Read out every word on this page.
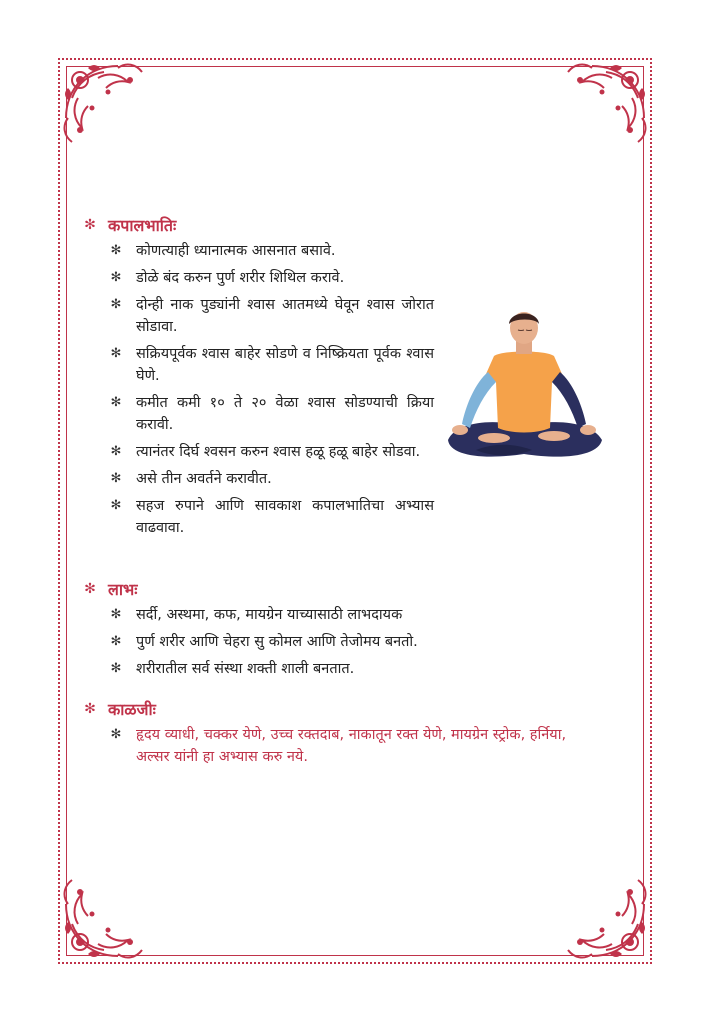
✻ कपालभातिः
✻ कोणत्याही ध्यानात्मक आसनात बसावे.
✻ डोळे बंद करुन पुर्ण शरीर शिथिल करावे.
✻ दोन्ही नाक पुड्यांनी श्वास आतमध्ये घेवून श्वास जोरात सोडावा.
✻ सक्रियपूर्वक श्वास बाहेर सोडणे व निष्क्रियता पूर्वक श्वास घेणे.
✻ कमीत कमी १० ते २० वेळा श्वास सोडण्याची क्रिया करावी.
✻ त्यानंतर दिर्घ श्वसन करुन श्वास हळू हळू बाहेर सोडवा.
✻ असे तीन अवर्तने करावीत.
✻ सहज रुपाने आणि सावकाश कपालभातिचा अभ्यास वाढवावा.
✻ लाभः
✻ सर्दी, अस्थमा, कफ, मायग्रेन याच्यासाठी लाभदायक
✻ पुर्ण शरीर आणि चेहरा सु कोमल आणि तेजोमय बनतो.
✻ शरीरातील सर्व संस्था शक्ती शाली बनतात.
✻ काळजीः
✻ हृदय व्याधी, चक्कर येणे, उच्च रक्तदाब, नाकातून रक्त येणे, मायग्रेन स्ट्रोक, हर्निया, अल्सर यांनी हा अभ्यास करु नये.
